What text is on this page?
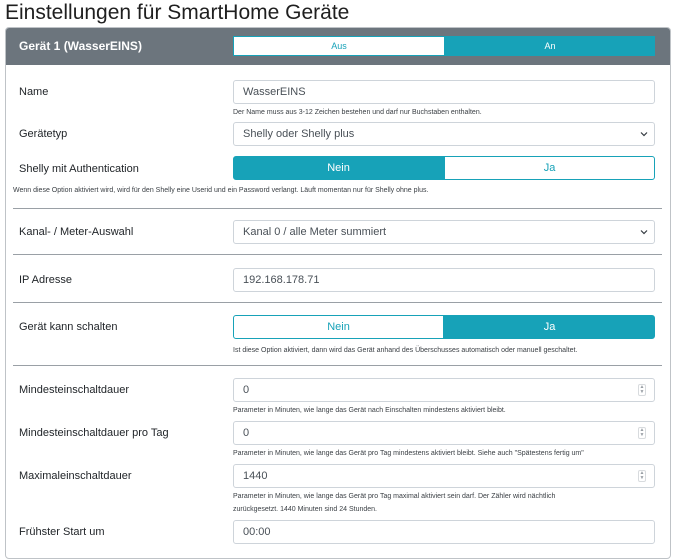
Einstellungen für SmartHome Geräte
Gerät 1 (WasserEINS)	Aus	An
Name	WasserEINS
Der Name muss aus 3-12 Zeichen bestehen und darf nur Buchstaben enthalten.
Gerätetyp	Shelly oder Shelly plus
Shelly mit Authentication	Nein	Ja
Wenn diese Option aktiviert wird, wird für den Shelly eine Userid und ein Password verlangt. Läuft momentan nur für Shelly ohne plus.
Kanal- / Meter-Auswahl	Kanal 0 / alle Meter summiert
IP Adresse	192.168.178.71
Gerät kann schalten	Nein	Ja
Ist diese Option aktiviert, dann wird das Gerät anhand des Überschusses automatisch oder manuell geschaltet.
Mindesteinschaltdauer	0	▲
▼
Parameter in Minuten, wie lange das Gerät nach Einschalten mindestens aktiviert bleibt.
Mindesteinschaltdauer pro Tag	0	▲
▼
Parameter in Minuten, wie lange das Gerät pro Tag mindestens aktiviert bleibt. Siehe auch "Spätestens fertig um"
Maximaleinschaltdauer	1440	▲
▼
Parameter in Minuten, wie lange das Gerät pro Tag maximal aktiviert sein darf. Der Zähler wird nächtlich
zurückgesetzt. 1440 Minuten sind 24 Stunden.
Frühster Start um	00:00
